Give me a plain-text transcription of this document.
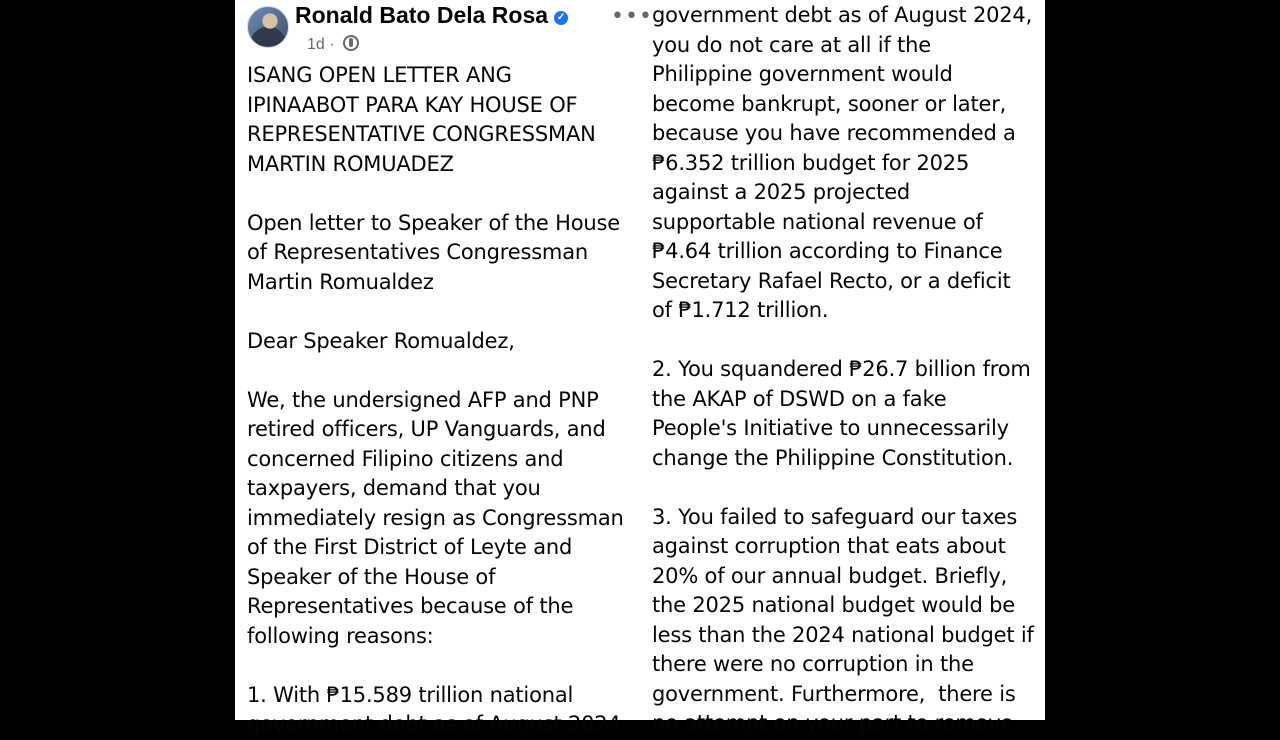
Ronald Bato Dela Rosa ✓
1d ·
•••

ISANG OPEN LETTER ANG
IPINAABOT PARA KAY HOUSE OF
REPRESENTATIVE CONGRESSMAN
MARTIN ROMUADEZ

Open letter to Speaker of the House
of Representatives Congressman
Martin Romualdez

Dear Speaker Romualdez,

We, the undersigned AFP and PNP
retired officers, UP Vanguards, and
concerned Filipino citizens and
taxpayers, demand that you
immediately resign as Congressman
of the First District of Leyte and
Speaker of the House of
Representatives because of the
following reasons:

1. With ₱15.589 trillion national
government debt as of August 2024

government debt as of August 2024,
you do not care at all if the
Philippine government would
become bankrupt, sooner or later,
because you have recommended a
₱6.352 trillion budget for 2025
against a 2025 projected
supportable national revenue of
₱4.64 trillion according to Finance
Secretary Rafael Recto, or a deficit
of ₱1.712 trillion.

2. You squandered ₱26.7 billion from
the AKAP of DSWD on a fake
People's Initiative to unnecessarily
change the Philippine Constitution.

3. You failed to safeguard our taxes
against corruption that eats about
20% of our annual budget. Briefly,
the 2025 national budget would be
less than the 2024 national budget if
there were no corruption in the
government. Furthermore,  there is
no attempt on your part to remove
